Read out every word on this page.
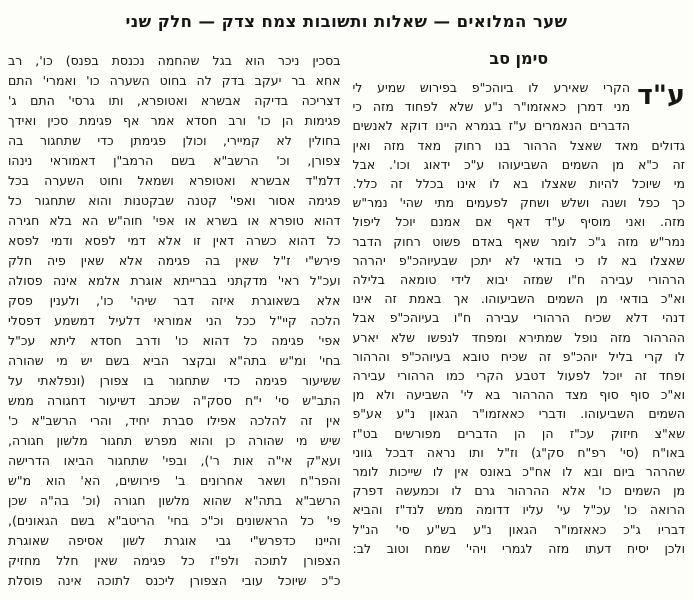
שער המלואים — שאלות ותשובות צמח צדק — חלק שני
סימן סב
ע"ד
הקרי שאירע לו ביוהכ"פ בפירוש שמיע לי
מני דמרן כאאזמו"ר נ"ע שלא לפחוד מזה כי
הדברים הנאמרים ע"ז בגמרא היינו דוקא לאנשים
גדולים מאד שאצל הרהור בנו רחוק מאד מזה ואין
זה כ"א מן השמים השביעוהו ע"כ ידאוג וכו'. אבל
מי שיוכל להיות שאצלו בא לו אינו בכלל זה כלל.
כך כפל ושנה ושלש ושחק לפעמים מתי שהי' נמר"ש
מזה. ואני מוסיף ע"ד דאף אם אמנם יוכל ליפול
נמר"ש מזה ג"כ לומר שאף באדם פשוט רחוק הדבר
שאצלו בא לו כי בודאי לא יתכן שבעיוהכ"פ יהרהר
הרהורי עבירה ח"ו שמזה יבוא לידי טומאה בלילה
וא"כ בודאי מן השמים השביעוהו. אך באמת זה אינו
דנהי דלא שכיח הרהורי עבירה ח"ו בעיוהכ"פ אבל
ההרהור מזה נופל שמתירא ומפחד לנפשו שלא יארע
לו קרי בליל יוהכ"פ זה שכיח טובא בעיוהכ"פ והרהור
ופחד זה יוכל לפעול דטבע הקרי כמו הרהורי עבירה
וא"כ סוף סוף מצד ההרהור בא לי' השביעה ולא מן
השמים השביעוהו. ודברי כאאזמו"ר הגאון נ"ע אע"פ
שא"צ חיזוק עכ"ז הן הן הדברים מפורשים בט"ז
באו"ח (סי' רפ"ח סק"ג) וז"ל ותו נראה דבכל גווני
שהרהר ביום ובא לו אח"כ באונס אין לו שייכות לומר
מן השמים כו' אלא ההרהור גרם לו וכמעשה דפרק
הרואה כו' עכ"ל עי' עליו דדומה ממש לנד"ז והביא
דבריו ג"כ כאאזמו"ר הגאון נ"ע בש"ע סי' הנ"ל
ולכן יסיח דעתו מזה לגמרי ויהי' שמח וטוב לב:
בסכין ניכר הוא בגל שהחמה נכנסת בפנס) כו', רב
אחא בר יעקב בדק לה בחוט השערה כו' ואמרי' התם
דצריכה בדיקה אבשרא ואטופרא, ותו גרסי' התם ג'
פגימות הן כו' ורב חסדא אמר אף פגימת סכין ואידך
בחולין לא קמיירי, וכולן פגימתן כדי שתחגור בה
צפורן, וכ' הרשב"א בשם הרמב"ן דאמוראי נינהו
דלמ"ד אבשרא ואטופרא ושמאל וחוט השערה בכל
פגימה אסור ואפי' קטנה שבקטנות והוא שתחגור כל
דהוא טופרא או בשרא או אפי' חוה"ש הא בלא חגירה
כל דהוא כשרה דאין זו אלא דמי לפסא ודמי לפסא
פירש"י ז"ל שאין בה פגימה אלא שאין פיה חלק
ועכ"ל ראי' מדקתני בברייתא אוגרת אלמא אינה פסולה
אלא בשאוגרת איזה דבר שיהי' כו', ולענין פסק
הלכה קיי"ל ככל הני אמוראי דלעיל דמשמע דפסלי
אפי' פגימה כל דהוא כו' ודרב חסדא ליתא עכ"ל
בחי' ומ"ש בתה"א ובקצר הביא בשם יש מי שהורה
ששיעור פגימה כדי שתחגור בו צפורן (ונפלאתי על
התב"ש סי' י"ח ססק"ה שכתב דשיעור דחגורה ממש
אין זה להלכה אפילו סברת יחיד, והרי הרשב"א כ'
שיש מי שהורה כן והוא מפרש תחגור מלשון חגורה,
ועא"ק אי"ה אות ר'), ובפי' שתחגור הביאו הדרישה
והפר"ח ושאר אחרונים ב' פירושים, הא' הוא מ"ש
הרשב"א בתה"א שהוא מלשון חגורה (וכ' בה"ה שכן
פי' כל הראשונים וכ"כ בחי' הריטב"א בשם הגאונים),
והיינו כדפרש"י גבי אוגרת לשון אסיפה שאוגרת
הצפורן לתוכה ולפ"ז כל פגימה שאין חלל מחזיק
כ"כ שיוכל עובי הצפורן ליכנס לתוכה אינה פוסלת
